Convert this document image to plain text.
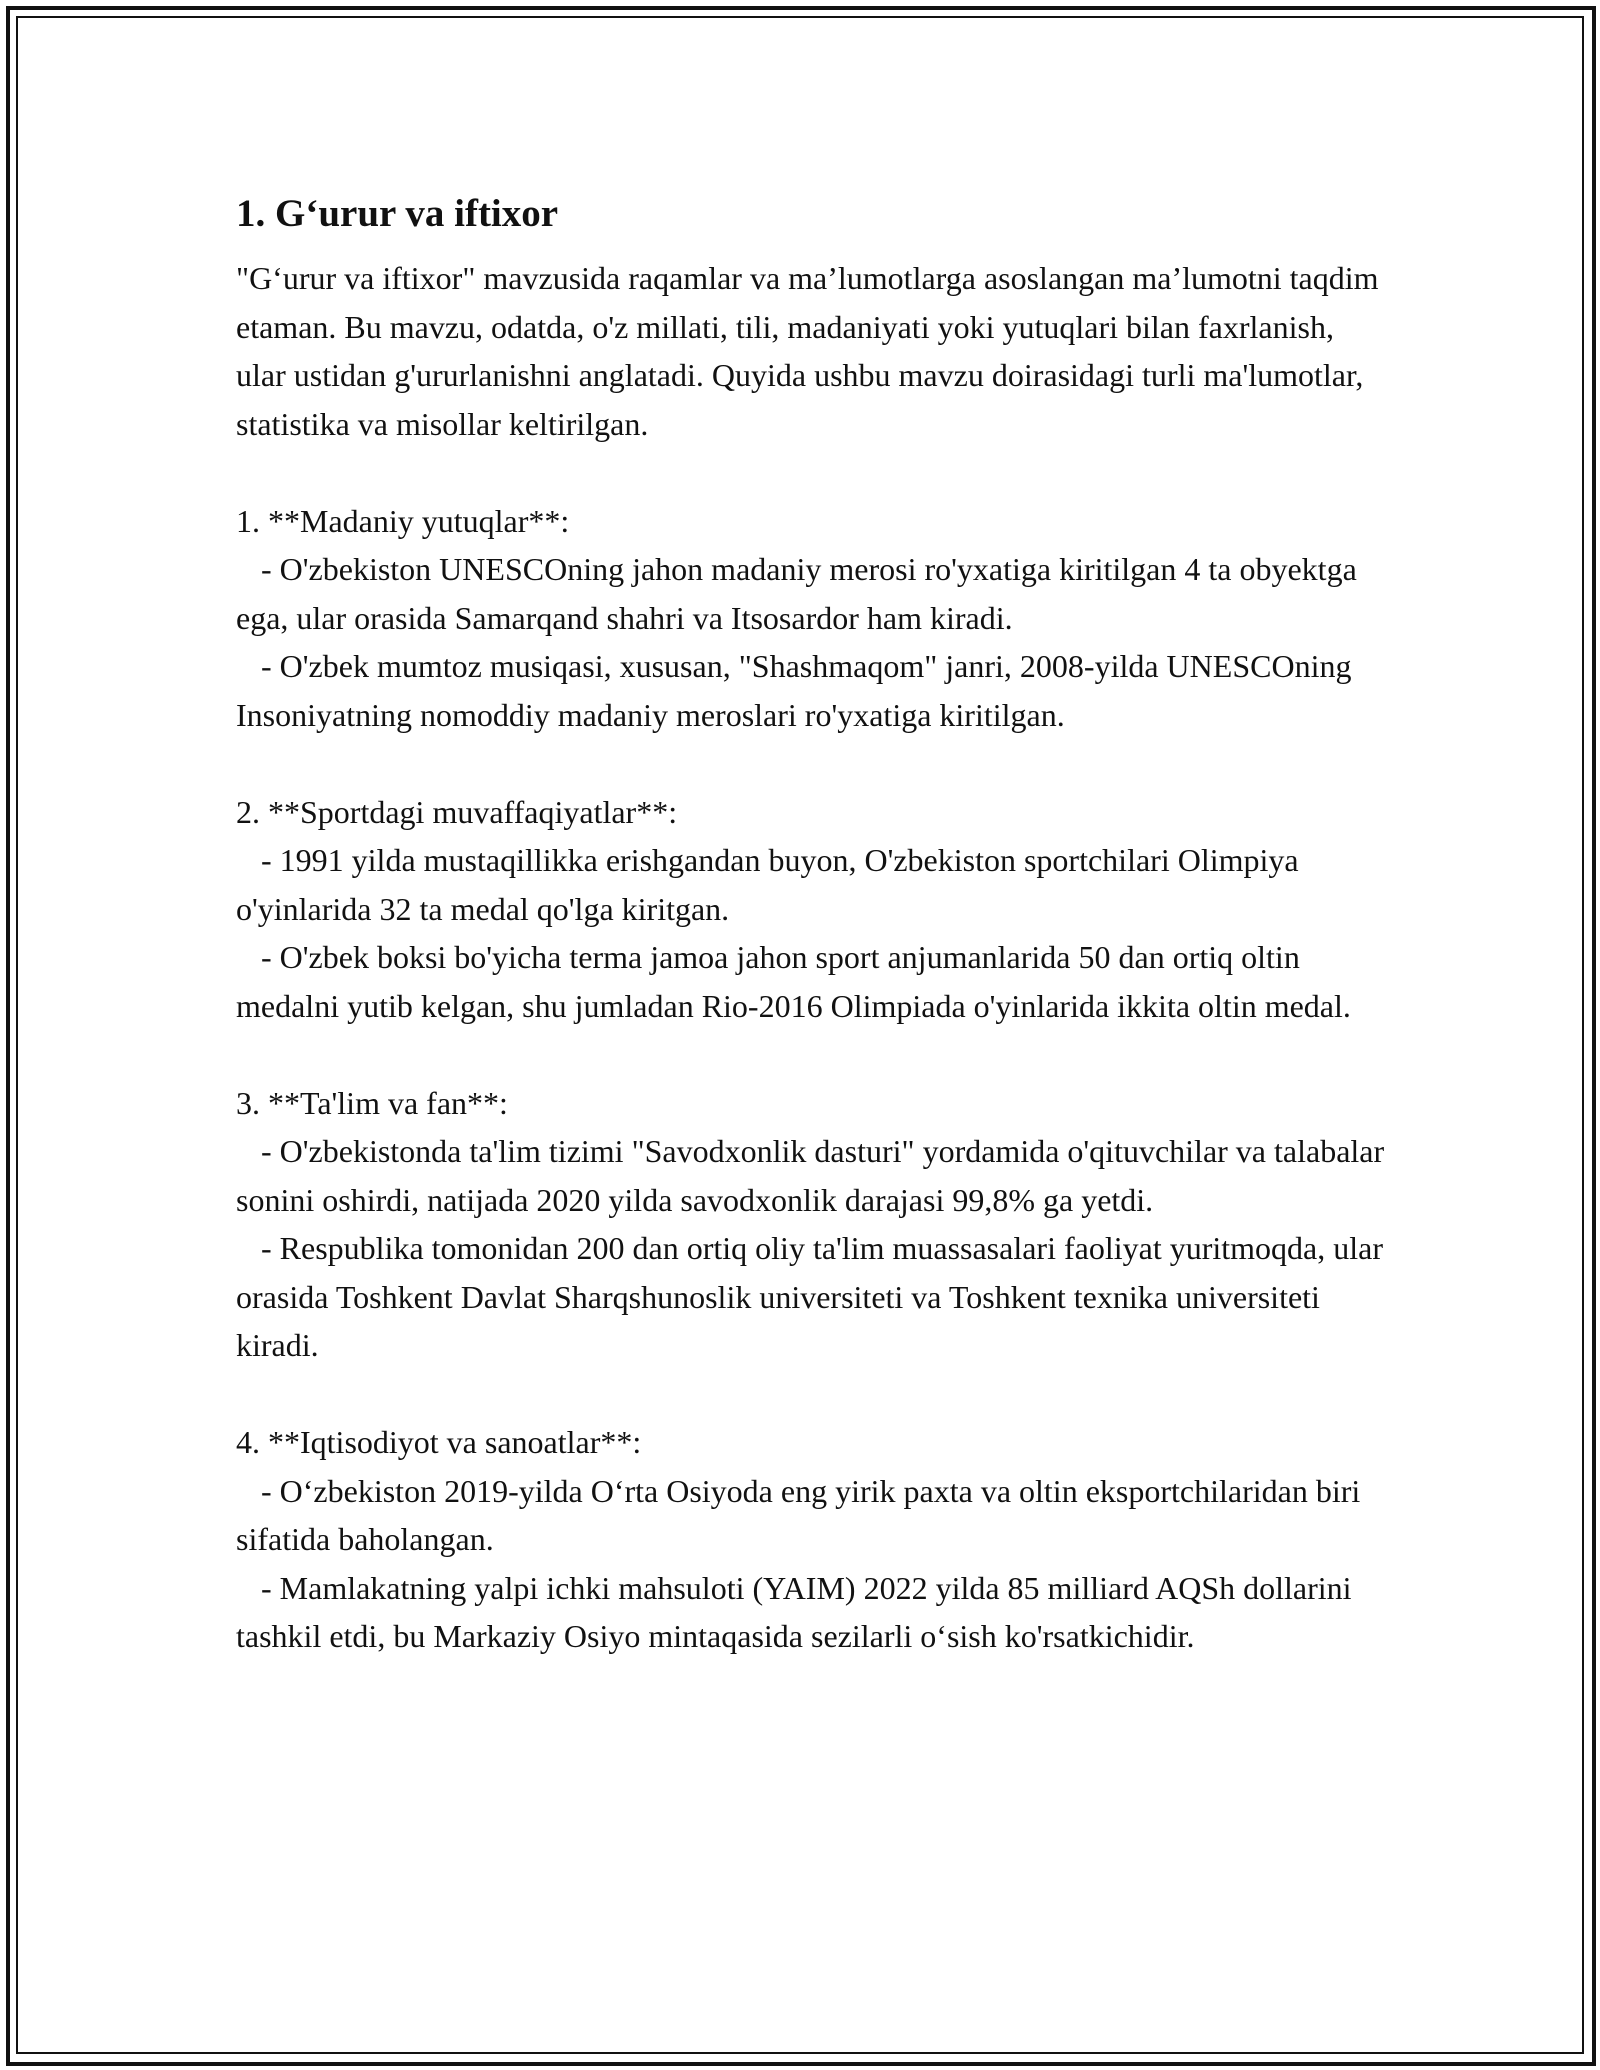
1. G‘urur va iftixor

"G‘urur va iftixor" mavzusida raqamlar va ma’lumotlarga asoslangan ma’lumotni taqdim etaman. Bu mavzu, odatda, o'z millati, tili, madaniyati yoki yutuqlari bilan faxrlanish, ular ustidan g'ururlanishni anglatadi. Quyida ushbu mavzu doirasidagi turli ma'lumotlar, statistika va misollar keltirilgan.

1. **Madaniy yutuqlar**:

- O'zbekiston UNESCOning jahon madaniy merosi ro'yxatiga kiritilgan 4 ta obyektga ega, ular orasida Samarqand shahri va Itsosardor ham kiradi.

- O'zbek mumtoz musiqasi, xususan, "Shashmaqom" janri, 2008-yilda UNESCOning Insoniyatning nomoddiy madaniy meroslari ro'yxatiga kiritilgan.

2. **Sportdagi muvaffaqiyatlar**:

- 1991 yilda mustaqillikka erishgandan buyon, O'zbekiston sportchilari Olimpiya o'yinlarida 32 ta medal qo'lga kiritgan.

- O'zbek boksi bo'yicha terma jamoa jahon sport anjumanlarida 50 dan ortiq oltin medalni yutib kelgan, shu jumladan Rio-2016 Olimpiada o'yinlarida ikkita oltin medal.

3. **Ta'lim va fan**:

- O'zbekistonda ta'lim tizimi "Savodxonlik dasturi" yordamida o'qituvchilar va talabalar sonini oshirdi, natijada 2020 yilda savodxonlik darajasi 99,8% ga yetdi.

- Respublika tomonidan 200 dan ortiq oliy ta'lim muassasalari faoliyat yuritmoqda, ular orasida Toshkent Davlat Sharqshunoslik universiteti va Toshkent texnika universiteti kiradi.

4. **Iqtisodiyot va sanoatlar**:

- O‘zbekiston 2019-yilda O‘rta Osiyoda eng yirik paxta va oltin eksportchilaridan biri sifatida baholangan.

- Mamlakatning yalpi ichki mahsuloti (YAIM) 2022 yilda 85 milliard AQSh dollarini tashkil etdi, bu Markaziy Osiyo mintaqasida sezilarli o‘sish ko'rsatkichidir.
